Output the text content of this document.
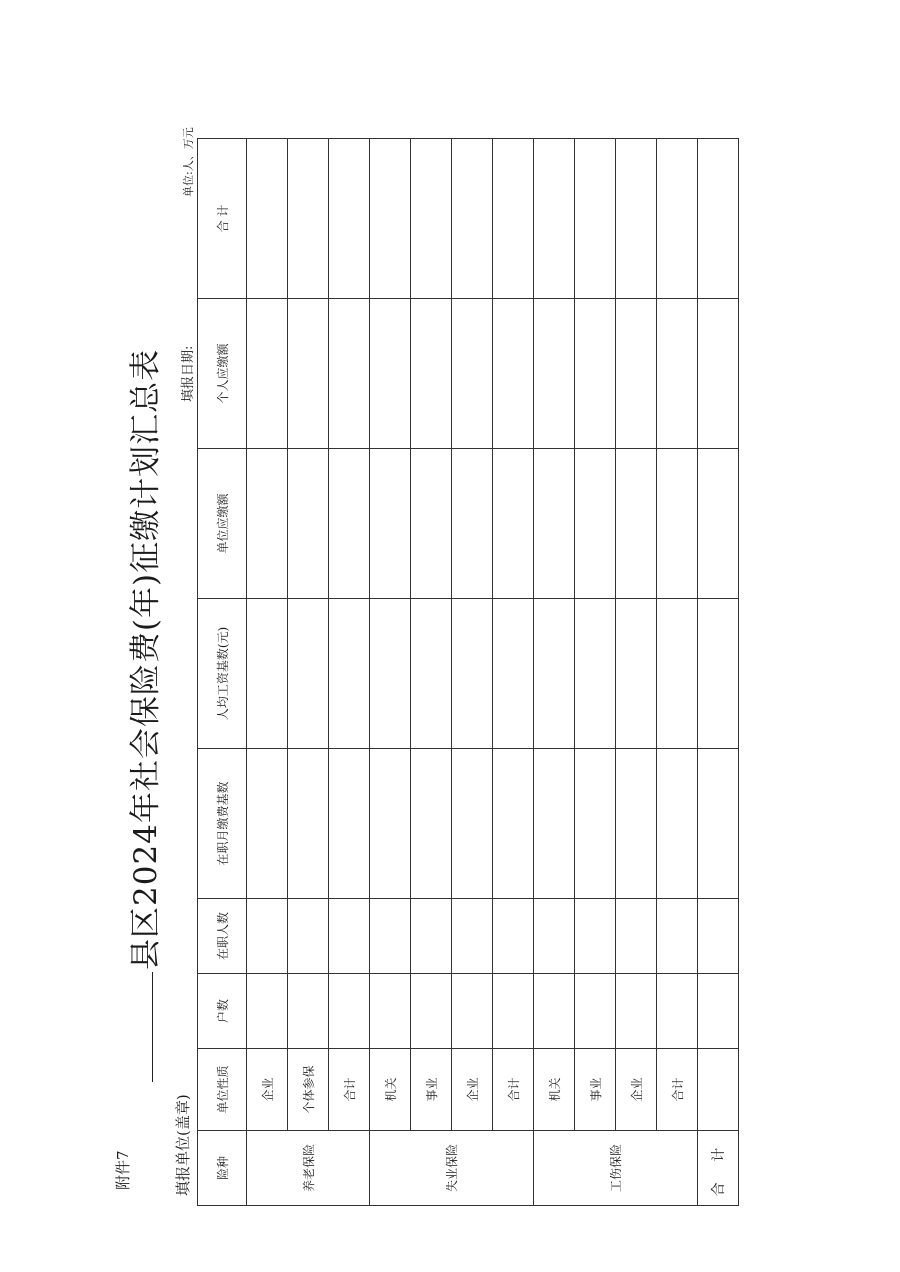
附件7
县区2024年社会保险费(年)征缴计划汇总表
填报单位(盖章)
填报日期:
单位:人、万元
险种	单位性质	户数	在职人数	在职月缴费基数	人均工资基数(元)	单位应缴额	个人应缴额	合 计
养老保险	企业							
	个体参保							
	合计							
失业保险	机关							
	事业							
	企业							
	合计							
工伤保险	机关							
	事业							
	企业							
	合计							
合 计								
